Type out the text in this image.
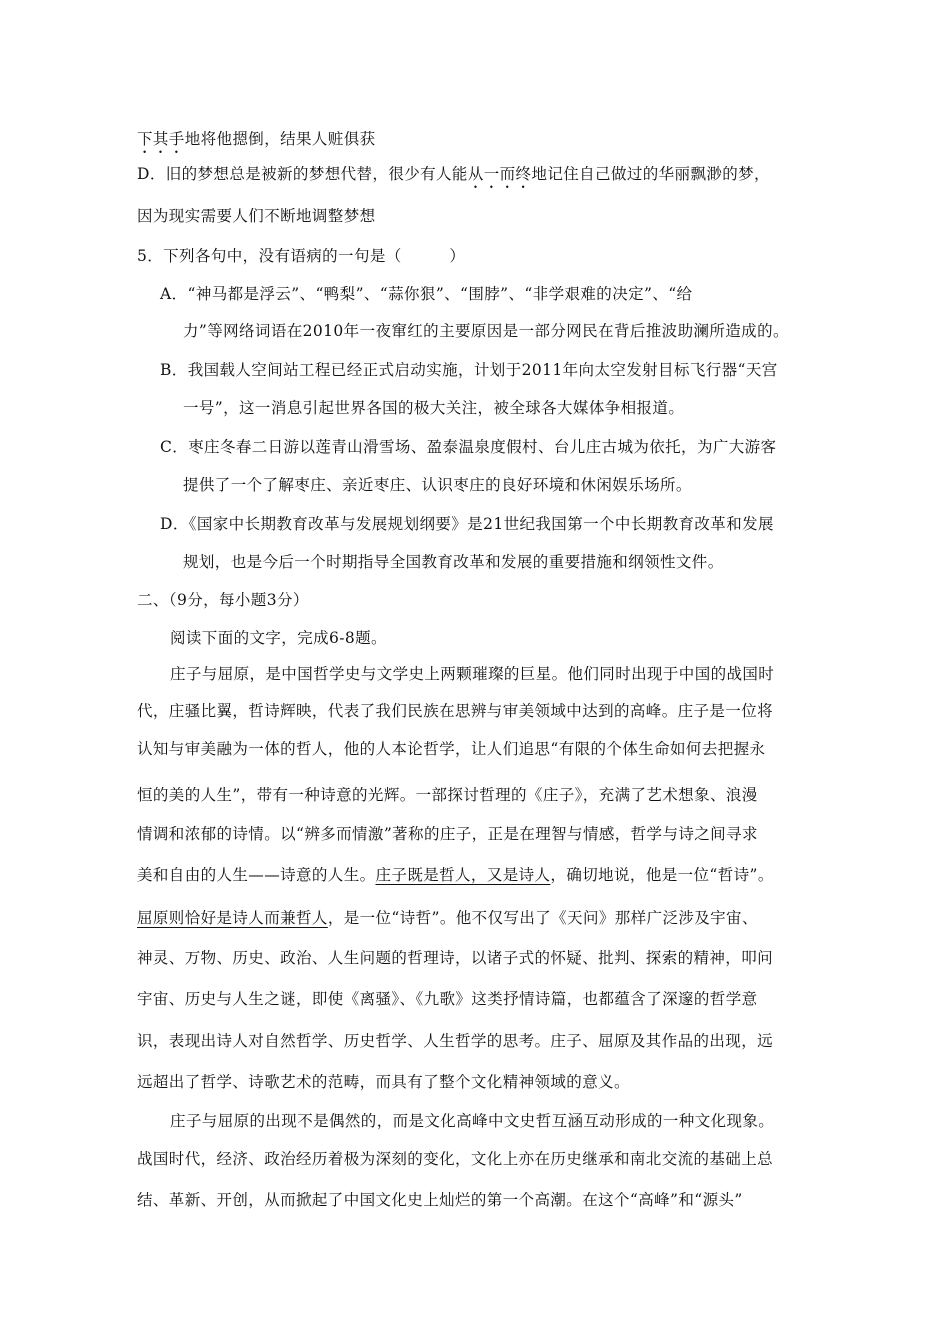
下其手地将他摁倒，结果人赃俱获
D．旧的梦想总是被新的梦想代替，很少有人能从一而终地记住自己做过的华丽飘渺的梦，
因为现实需要人们不断地调整梦想
5．下列各句中，没有语病的一句是（　　　）
A．“神马都是浮云”、“鸭梨”、“蒜你狠”、“围脖”、“非学艰难的决定”、“给
力”等网络词语在2010年一夜窜红的主要原因是一部分网民在背后推波助澜所造成的。
B．我国载人空间站工程已经正式启动实施，计划于2011年向太空发射目标飞行器“天宫
一号”，这一消息引起世界各国的极大关注，被全球各大媒体争相报道。
C．枣庄冬春二日游以莲青山滑雪场、盈泰温泉度假村、台儿庄古城为依托，为广大游客
提供了一个了解枣庄、亲近枣庄、认识枣庄的良好环境和休闲娱乐场所。
D．《国家中长期教育改革与发展规划纲要》是21世纪我国第一个中长期教育改革和发展
规划，也是今后一个时期指导全国教育改革和发展的重要措施和纲领性文件。
二、（9分，每小题3分）
阅读下面的文字，完成6-8题。
庄子与屈原，是中国哲学史与文学史上两颗璀璨的巨星。他们同时出现于中国的战国时
代，庄骚比翼，哲诗辉映，代表了我们民族在思辨与审美领域中达到的高峰。庄子是一位将
认知与审美融为一体的哲人，他的人本论哲学，让人们追思“有限的个体生命如何去把握永
恒的美的人生”，带有一种诗意的光辉。一部探讨哲理的《庄子》，充满了艺术想象、浪漫
情调和浓郁的诗情。以“辨多而情激”著称的庄子，正是在理智与情感，哲学与诗之间寻求
美和自由的人生——诗意的人生。庄子既是哲人，又是诗人，确切地说，他是一位“哲诗”。
屈原则恰好是诗人而兼哲人，是一位“诗哲”。他不仅写出了《天问》那样广泛涉及宇宙、
神灵、万物、历史、政治、人生问题的哲理诗，以诸子式的怀疑、批判、探索的精神，叩问
宇宙、历史与人生之谜，即使《离骚》、《九歌》这类抒情诗篇，也都蕴含了深邃的哲学意
识，表现出诗人对自然哲学、历史哲学、人生哲学的思考。庄子、屈原及其作品的出现，远
远超出了哲学、诗歌艺术的范畴，而具有了整个文化精神领域的意义。
庄子与屈原的出现不是偶然的，而是文化高峰中文史哲互涵互动形成的一种文化现象。
战国时代，经济、政治经历着极为深刻的变化，文化上亦在历史继承和南北交流的基础上总
结、革新、开创，从而掀起了中国文化史上灿烂的第一个高潮。在这个“高峰”和“源头”
